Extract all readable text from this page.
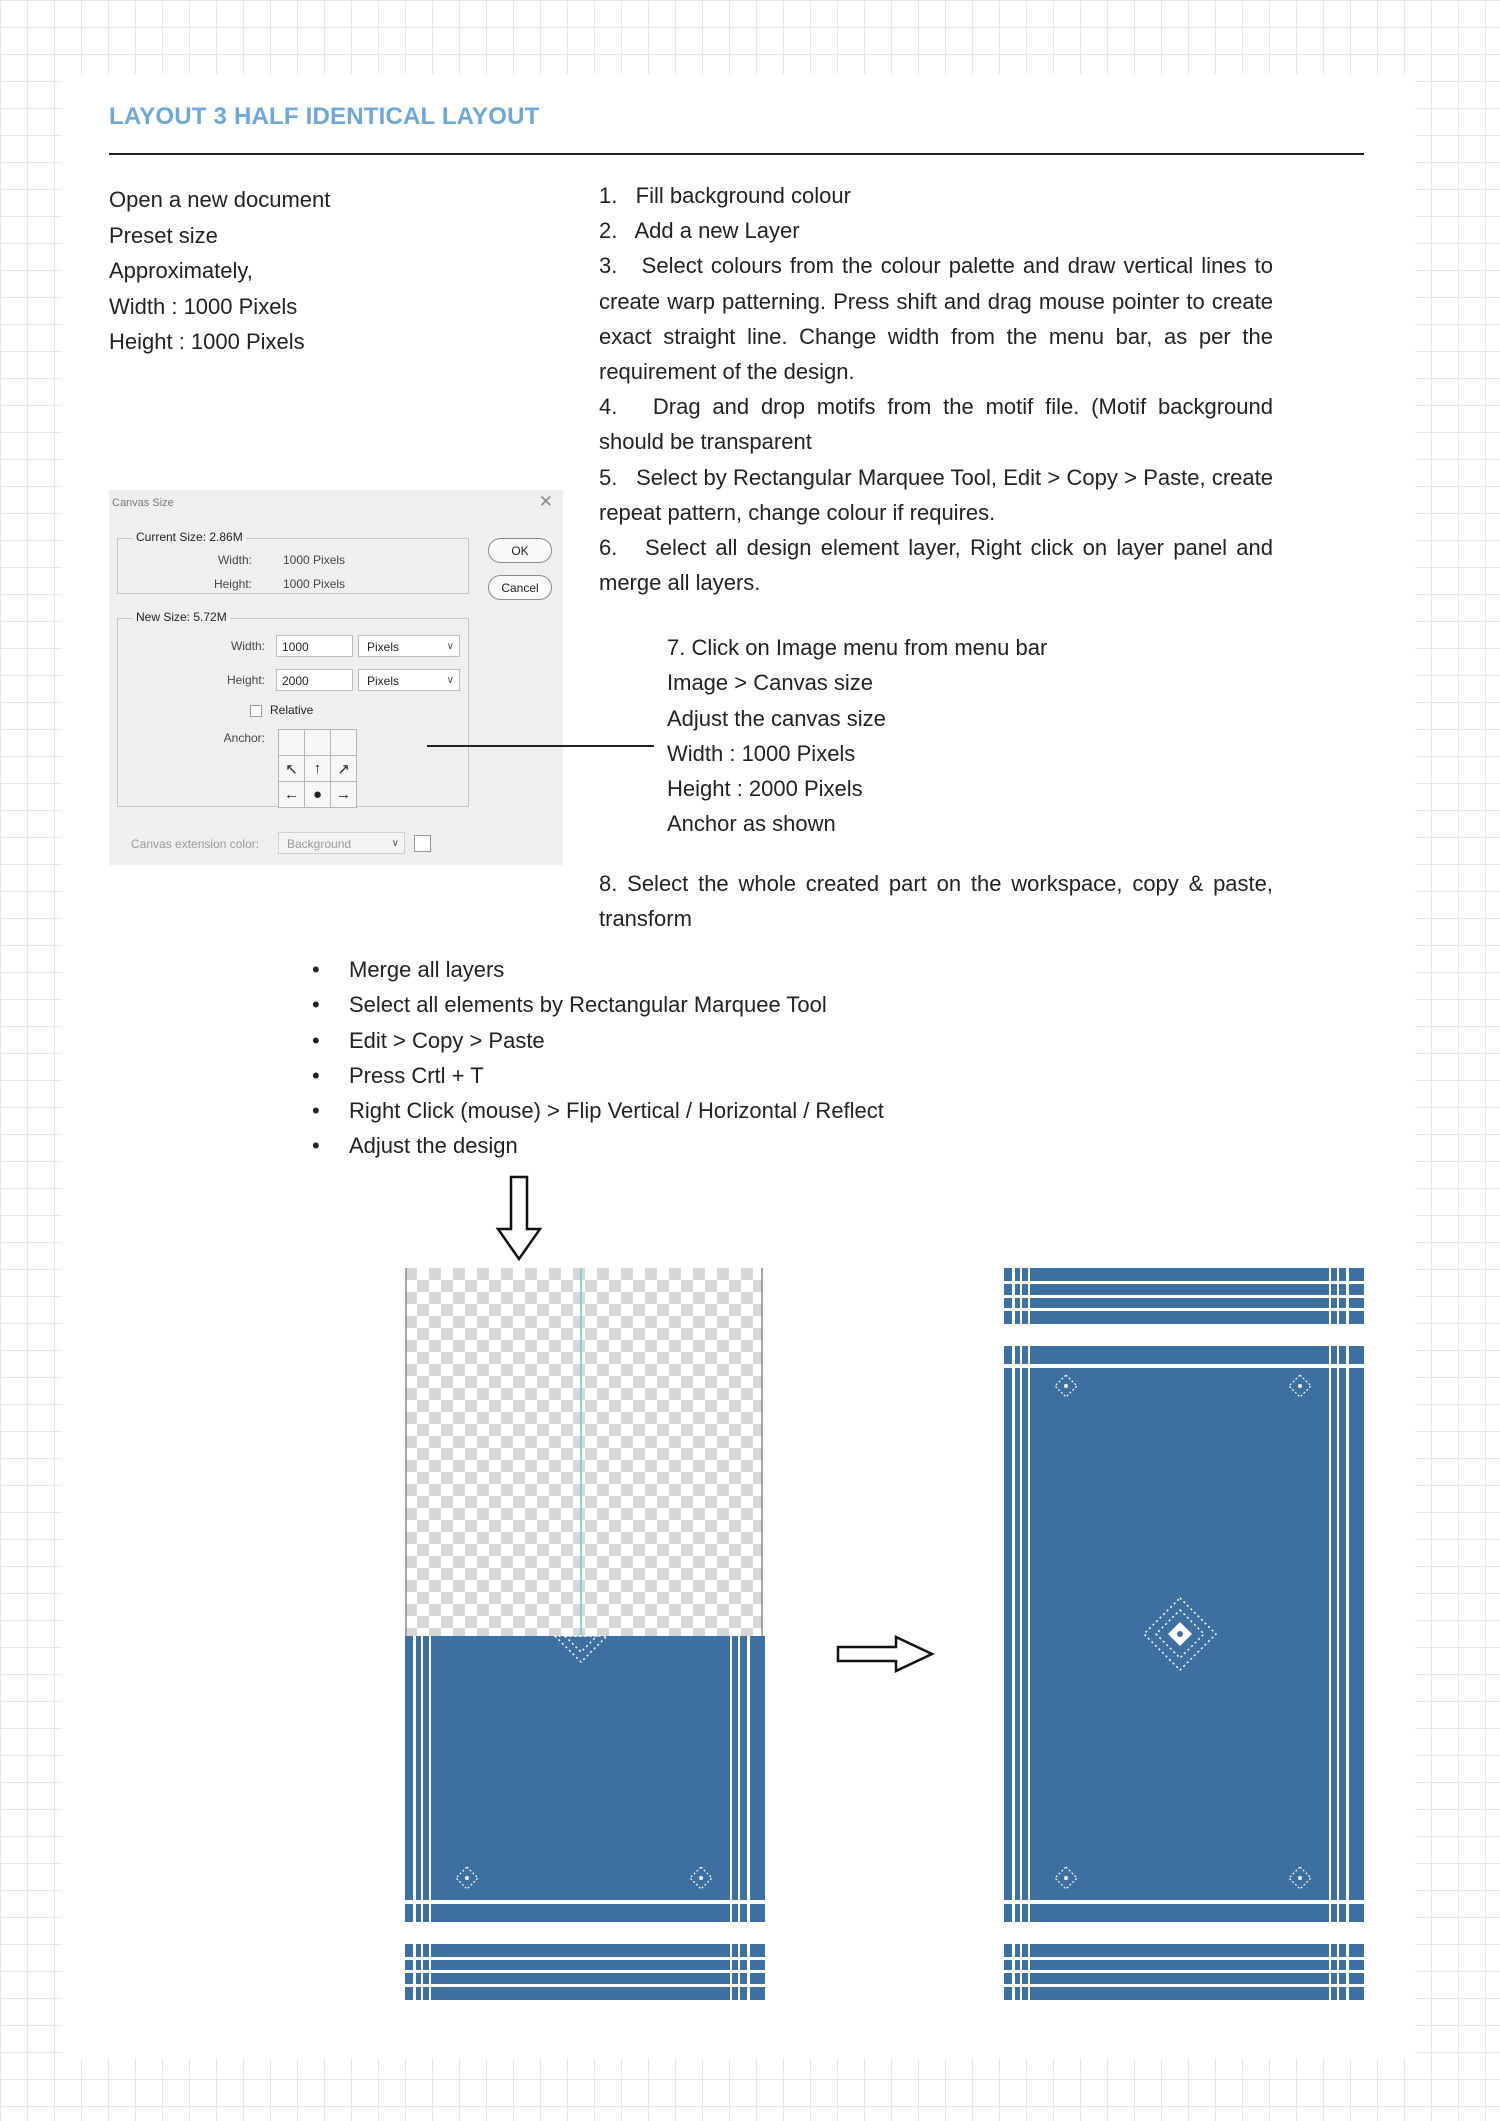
LAYOUT 3 HALF IDENTICAL LAYOUT
Open a new document
Preset size
Approximately,
Width : 1000 Pixels
Height : 1000 Pixels

1.   Fill background colour

2.   Add a new Layer

3.   Select colours from the colour palette and draw vertical lines to create warp patterning. Press shift and drag mouse pointer to create exact straight line. Change width from the menu bar, as per the requirement of the design.

4.   Drag and drop motifs from the motif file. (Motif background should be transparent

5.   Select by Rectangular Marquee Tool, Edit > Copy > Paste, create repeat pattern, change colour if requires.

6.   Select all design element layer, Right click on layer panel and merge all layers.

Canvas Size	✕
Current Size: 2.86M
Width:	1000 Pixels
Height:	1000 Pixels
New Size: 5.72M
Width:	1000	Pixels	∨
Height:	2000	Pixels	∨
Relative
Anchor:
↖	↑	↗
← ● →
Canvas extension color:	Background	∨
OK
Cancel
7. Click on Image menu from menu bar
Image > Canvas size
Adjust the canvas size
Width : 1000 Pixels
Height : 2000 Pixels
Anchor as shown
8. Select the whole created part on the workspace, copy & paste, transform
• Merge all layers
• Select all elements by Rectangular Marquee Tool
• Edit > Copy > Paste
• Press Crtl + T
• Right Click (mouse) > Flip Vertical / Horizontal / Reflect
• Adjust the design
